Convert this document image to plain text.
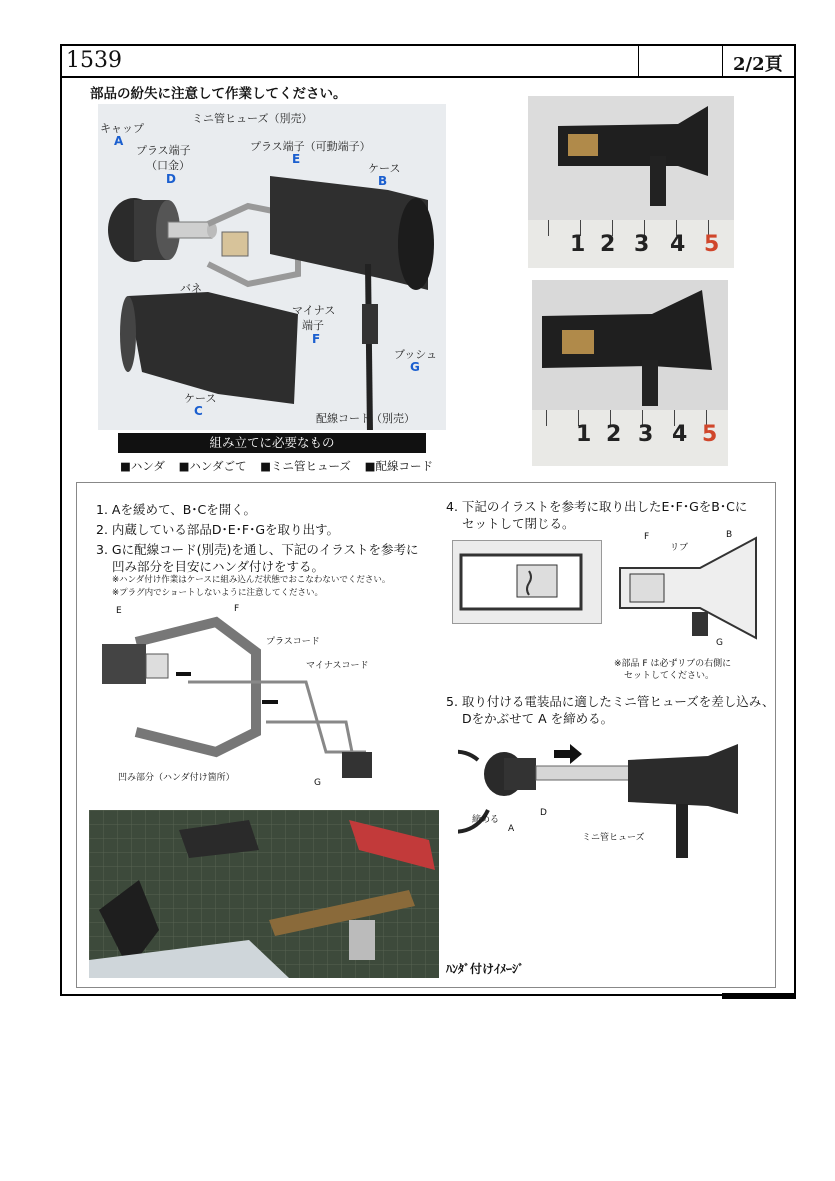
1539	2/2頁
部品の紛失に注意して作業してください。
キャップ
A
プラス端子
（口金）
D
ミニ管ヒューズ（別売）
プラス端子（可動端子）
E
ケース
B
バネ
マイナス
端子
F
ブッシュ
G
ケース
C
配線コード（別売）
組み立てに必要なもの
■ハンダ ■ハンダごて ■ミニ管ヒューズ ■配線コード
1 2 3 4 5
1 2 3 4 5
1. Aを緩めて、B･Cを開く。
2. 内蔵している部品D･E･F･Gを取り出す。
3. Gに配線コード(別売)を通し、下記のイラストを参考に
凹み部分を目安にハンダ付けをする。
※ハンダ付け作業はケースに組み込んだ状態でおこなわないでください。
※プラグ内でショートしないように注意してください。
4. 下記のイラストを参考に取り出したE･F･GをB･Cに
セットして閉じる。
E	F
プラスコード
マイナスコード
G
凹み部分（ハンダ付け箇所）
F
リブ
B
G
※部品 F は必ずリブの右側に
セットしてください。
5. 取り付ける電装品に適したミニ管ヒューズを差し込み、
Dをかぶせて A を締める。
締める
A
D
ミニ管ヒューズ
ﾊﾝﾀﾞ付けｲﾒｰｼﾞ
